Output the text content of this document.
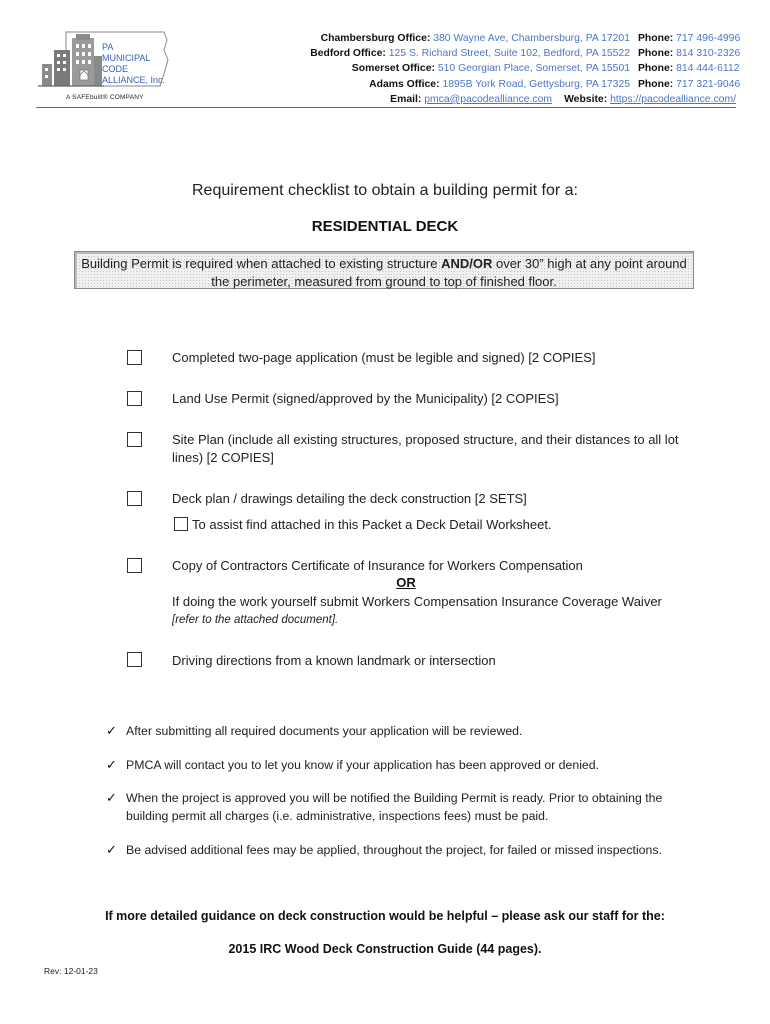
PA
MUNICIPAL
CODE
ALLIANCE, Inc.
A SAFEbuilt® COMPANY
Chambersburg Office: 380 Wayne Ave, Chambersburg, PA 17201 Phone: 717 496-4996
Bedford Office: 125 S. Richard Street, Suite 102, Bedford, PA 15522 Phone: 814 310-2326
Somerset Office: 510 Georgian Place, Somerset, PA 15501 Phone: 814 444-6112
Adams Office: 1895B York Road, Gettysburg, PA 17325 Phone: 717 321-9046
Email: pmca@pacodealliance.com Website: https://pacodealliance.com/
Requirement checklist to obtain a building permit for a:
RESIDENTIAL DECK
Building Permit is required when attached to existing structure AND/OR over 30” high at any point around
the perimeter, measured from ground to top of finished floor.
Completed two-page application (must be legible and signed) [2 COPIES]
Land Use Permit (signed/approved by the Municipality) [2 COPIES]
Site Plan (include all existing structures, proposed structure, and their distances to all lot
lines) [2 COPIES]
Deck plan / drawings detailing the deck construction [2 SETS]
To assist find attached in this Packet a Deck Detail Worksheet.
Copy of Contractors Certificate of Insurance for Workers Compensation
OR
If doing the work yourself submit Workers Compensation Insurance Coverage Waiver
[refer to the attached document].
Driving directions from a known landmark or intersection
✓ After submitting all required documents your application will be reviewed.
✓ PMCA will contact you to let you know if your application has been approved or denied.
✓ When the project is approved you will be notified the Building Permit is ready. Prior to obtaining the
building permit all charges (i.e. administrative, inspections fees) must be paid.
✓ Be advised additional fees may be applied, throughout the project, for failed or missed inspections.
If more detailed guidance on deck construction would be helpful – please ask our staff for the:
2015 IRC Wood Deck Construction Guide (44 pages).
Rev: 12-01-23
